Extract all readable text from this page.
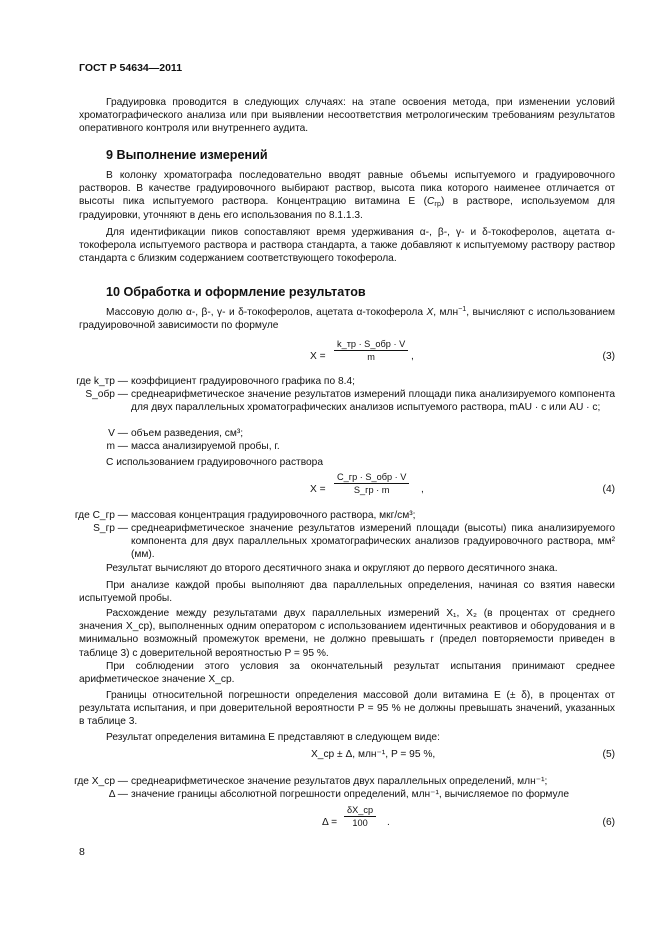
ГОСТ Р 54634—2011
Градуировка проводится в следующих случаях: на этапе освоения метода, при изменении условий хроматографического анализа или при выявлении несоответствия метрологическим требованиям результатов оперативного контроля или внутреннего аудита.
9 Выполнение измерений
В колонку хроматографа последовательно вводят равные объемы испытуемого и градуировочного растворов. В качестве градуировочного выбирают раствор, высота пика которого наименее отличается от высоты пика испытуемого раствора. Концентрацию витамина Е $(C_{гр})$ в растворе, используемом для градуировки, уточняют в день его использования по 8.1.1.3.
Для идентификации пиков сопоставляют время удерживания α-, β-, γ- и δ-токоферолов, ацетата α-токоферола испытуемого раствора и раствора стандарта, а также добавляют к испытуемому раствору раствор стандарта с близким содержанием соответствующего токоферола.
10 Обработка и оформление результатов
Массовую долю α-, β-, γ- и δ-токоферолов, ацетата α-токоферола X, млн$^{-1}$, вычисляют с использованием градуировочной зависимости по формуле
X =
k_тр · S_обр · V
m	,	(3)
где k_тр — коэффициент градуировочного графика по 8.4;
S_обр — среднеарифметическое значение результатов измерений площади пика анализируемого компонента для двух параллельных хроматографических анализов испытуемого раствора, mAU · с или AU · с;
V — объем разведения, см³;
m — масса анализируемой пробы, г.
С использованием градуировочного раствора
X =
C_гр · S_обр · V
S_гр · m	,	(4)
где C_гр — массовая концентрация градуировочного раствора, мкг/см³;
S_гр — среднеарифметическое значение результатов измерений площади (высоты) пика анализируемого компонента для двух параллельных хроматографических анализов градуировочного раствора, мм² (мм).
Результат вычисляют до второго десятичного знака и округляют до первого десятичного знака.
При анализе каждой пробы выполняют два параллельных определения, начиная со взятия навески испытуемой пробы.
Расхождение между результатами двух параллельных измерений X₁, X₂ (в процентах от среднего значения X_ср), выполненных одним оператором с использованием идентичных реактивов и оборудования и в минимально возможный промежуток времени, не должно превышать r (предел повторяемости приведен в таблице 3) с доверительной вероятностью P = 95 %.
При соблюдении этого условия за окончательный результат испытания принимают среднее арифметическое значение X_ср.
Границы относительной погрешности определения массовой доли витамина Е (± δ), в процентах от результата испытания, и при доверительной вероятности P = 95 % не должны превышать значений, указанных в таблице 3.
Результат определения витамина Е представляют в следующем виде:
X_ср ± Δ, млн⁻¹, P = 95 %,	(5)
где X_ср — среднеарифметическое значение результатов двух параллельных определений, млн⁻¹;
Δ — значение границы абсолютной погрешности определений, млн⁻¹, вычисляемое по формуле
Δ =
δX_ср
100	.	(6)
8
